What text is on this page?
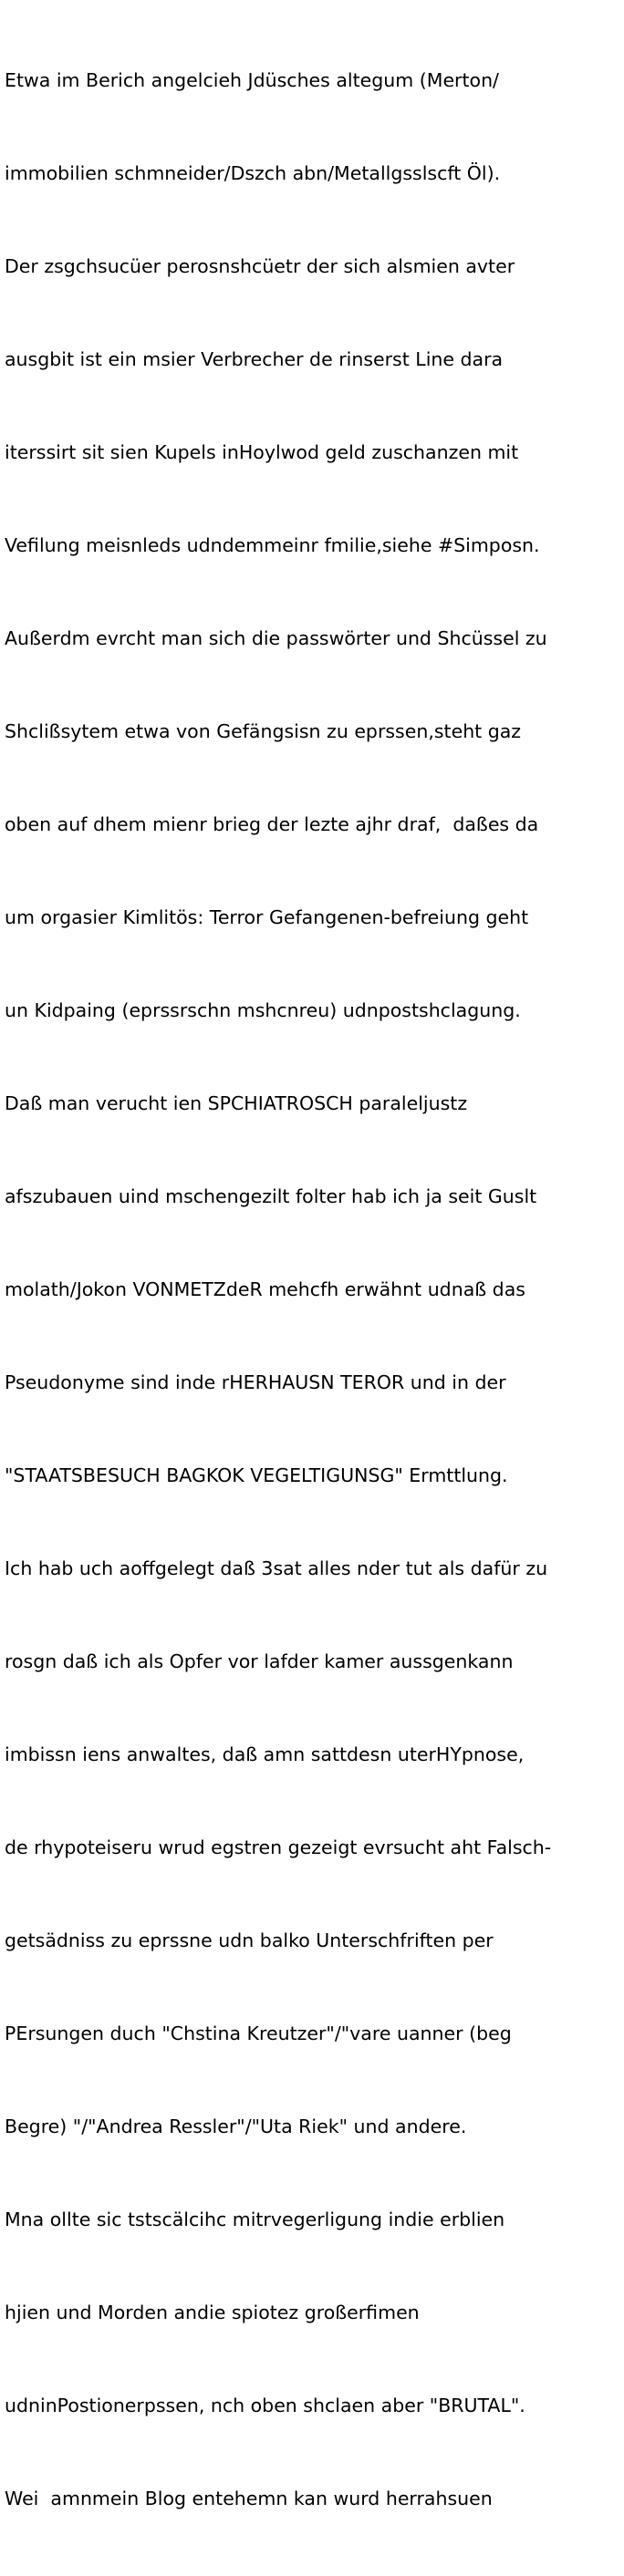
Etwa im Berich angelcieh Jdüsches altegum (Merton/

immobilien schmneider/Dszch abn/Metallgsslscft Öl).

Der zsgchsucüer perosnshcüetr der sich alsmien avter

ausgbit ist ein msier Verbrecher de rinserst Line dara

iterssirt sit sien Kupels inHoylwod geld zuschanzen mit

Vefilung meisnleds udndemmeinr fmilie,siehe #Simposn.

Außerdm evrcht man sich die passwörter und Shcüssel zu

Shclißsytem etwa von Gefängsisn zu eprssen,steht gaz

oben auf dhem mienr brieg der lezte ajhr draf,  daßes da

um orgasier Kimlitös: Terror Gefangenen-befreiung geht

un Kidpaing (eprssrschn mshcnreu) udnpostshclagung.

Daß man verucht ien SPCHIATROSCH paraleljustz

afszubauen uind mschengezilt folter hab ich ja seit Guslt

molath/Jokon VONMETZdeR mehcfh erwähnt udnaß das

Pseudonyme sind inde rHERHAUSN TEROR und in der

"STAATSBESUCH BAGKOK VEGELTIGUNSG" Ermttlung.

Ich hab uch aoffgelegt daß 3sat alles nder tut als dafür zu

rosgn daß ich als Opfer vor lafder kamer aussgenkann

imbissn iens anwaltes, daß amn sattdesn uterHYpnose,

de rhypoteiseru wrud egstren gezeigt evrsucht aht Falsch-

getsädniss zu eprssne udn balko Unterschfriften per

PErsungen duch "Chstina Kreutzer"/"vare uanner (beg

Begre) "/"Andrea Ressler"/"Uta Riek" und andere.

Mna ollte sic tstscälcihc mitrvegerligung indie erblien

hjien und Morden andie spiotez großerfimen

udninPostionerpssen, nch oben shclaen aber "BRUTAL".

Wei  amnmein Blog entehemn kan wurd herrahsuen
